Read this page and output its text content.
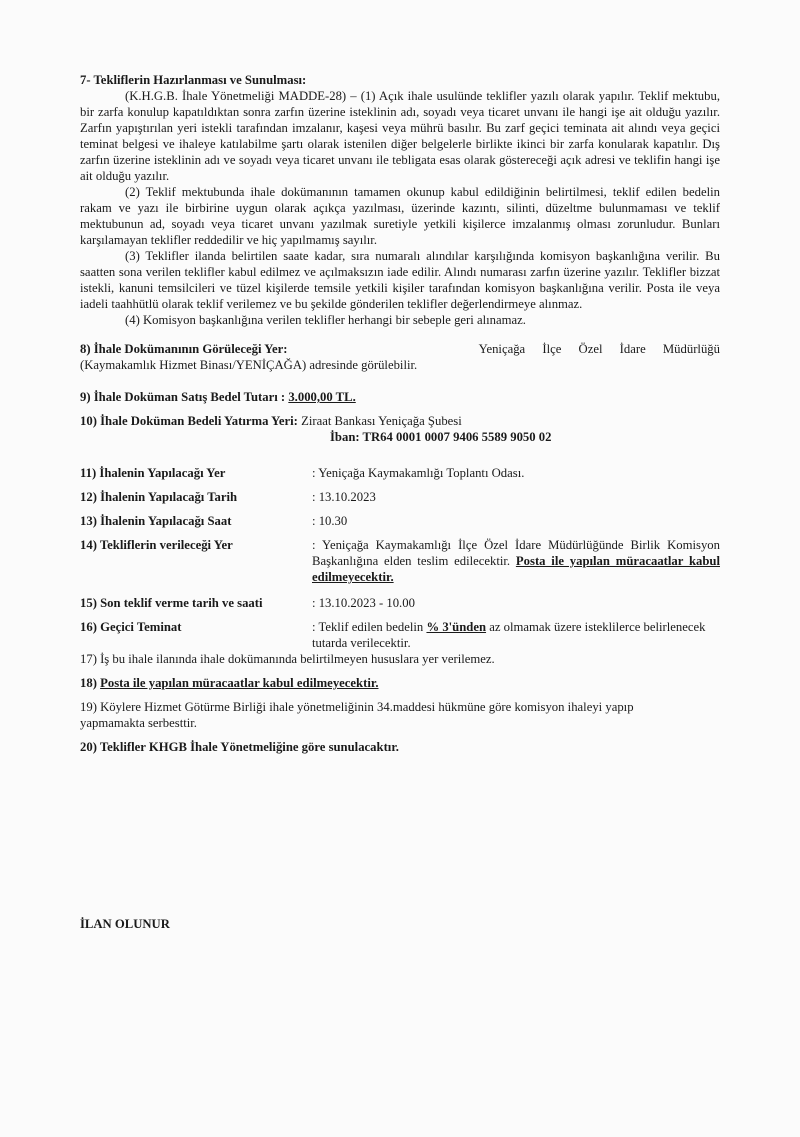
7- Tekliflerin Hazırlanması ve Sunulması:

(K.H.G.B. İhale Yönetmeliği MADDE-28) – (1) Açık ihale usulünde teklifler yazılı olarak yapılır. Teklif mektubu, bir zarfa konulup kapatıldıktan sonra zarfın üzerine isteklinin adı, soyadı veya ticaret unvanı ile hangi işe ait olduğu yazılır. Zarfın yapıştırılan yeri istekli tarafından imzalanır, kaşesi veya mührü basılır. Bu zarf geçici teminata ait alındı veya geçici teminat belgesi ve ihaleye katılabilme şartı olarak istenilen diğer belgelerle birlikte ikinci bir zarfa konularak kapatılır. Dış zarfın üzerine isteklinin adı ve soyadı veya ticaret unvanı ile tebligata esas olarak göstereceği açık adresi ve teklifin hangi işe ait olduğu yazılır.

(2) Teklif mektubunda ihale dokümanının tamamen okunup kabul edildiğinin belirtilmesi, teklif edilen bedelin rakam ve yazı ile birbirine uygun olarak açıkça yazılması, üzerinde kazıntı, silinti, düzeltme bulunmaması ve teklif mektubunun ad, soyadı veya ticaret unvanı yazılmak suretiyle yetkili kişilerce imzalanmış olması zorunludur. Bunları karşılamayan teklifler reddedilir ve hiç yapılmamış sayılır.

(3) Teklifler ilanda belirtilen saate kadar, sıra numaralı alındılar karşılığında komisyon başkanlığına verilir. Bu saatten sona verilen teklifler kabul edilmez ve açılmaksızın iade edilir. Alındı numarası zarfın üzerine yazılır. Teklifler bizzat istekli, kanuni temsilcileri ve tüzel kişilerde temsile yetkili kişiler tarafından komisyon başkanlığına verilir. Posta ile veya iadeli taahhütlü olarak teklif verilemez ve bu şekilde gönderilen teklifler değerlendirmeye alınmaz.

(4) Komisyon başkanlığına verilen teklifler herhangi bir sebeple geri alınamaz.

8) İhale Dokümanının Görüleceği Yer:	Yeniçağa İlçe Özel İdare Müdürlüğü

(Kaymakamlık Hizmet Binası/YENİÇAĞA) adresinde görülebilir.

9) İhale Doküman Satış Bedel Tutarı : 3.000,00 TL.

10) İhale Doküman Bedeli Yatırma Yeri: Ziraat Bankası Yeniçağa Şubesi

İban: TR64 0001 0007 9406 5589 9050 02

11) İhalenin Yapılacağı Yer	: Yeniçağa Kaymakamlığı Toplantı Odası.
12) İhalenin Yapılacağı Tarih	: 13.10.2023
13) İhalenin Yapılacağı Saat	: 10.30
14) Tekliflerin verileceği Yer	: Yeniçağa Kaymakamlığı İlçe Özel İdare Müdürlüğünde Birlik Komisyon Başkanlığına elden teslim edilecektir. Posta ile yapılan müracaatlar kabul edilmeyecektir.
15) Son teklif verme tarih ve saati	: 13.10.2023 - 10.00
16) Geçici Teminat	: Teklif edilen bedelin % 3'ünden az olmamak üzere isteklilerce belirlenecek tutarda verilecektir.

17) İş bu ihale ilanında ihale dokümanında belirtilmeyen hususlara yer verilemez.

18) Posta ile yapılan müracaatlar kabul edilmeyecektir.

19) Köylere Hizmet Götürme Birliği ihale yönetmeliğinin 34.maddesi hükmüne göre komisyon ihaleyi yapıp yapmamakta serbesttir.

20) Teklifler KHGB İhale Yönetmeliğine göre sunulacaktır.

İLAN OLUNUR
